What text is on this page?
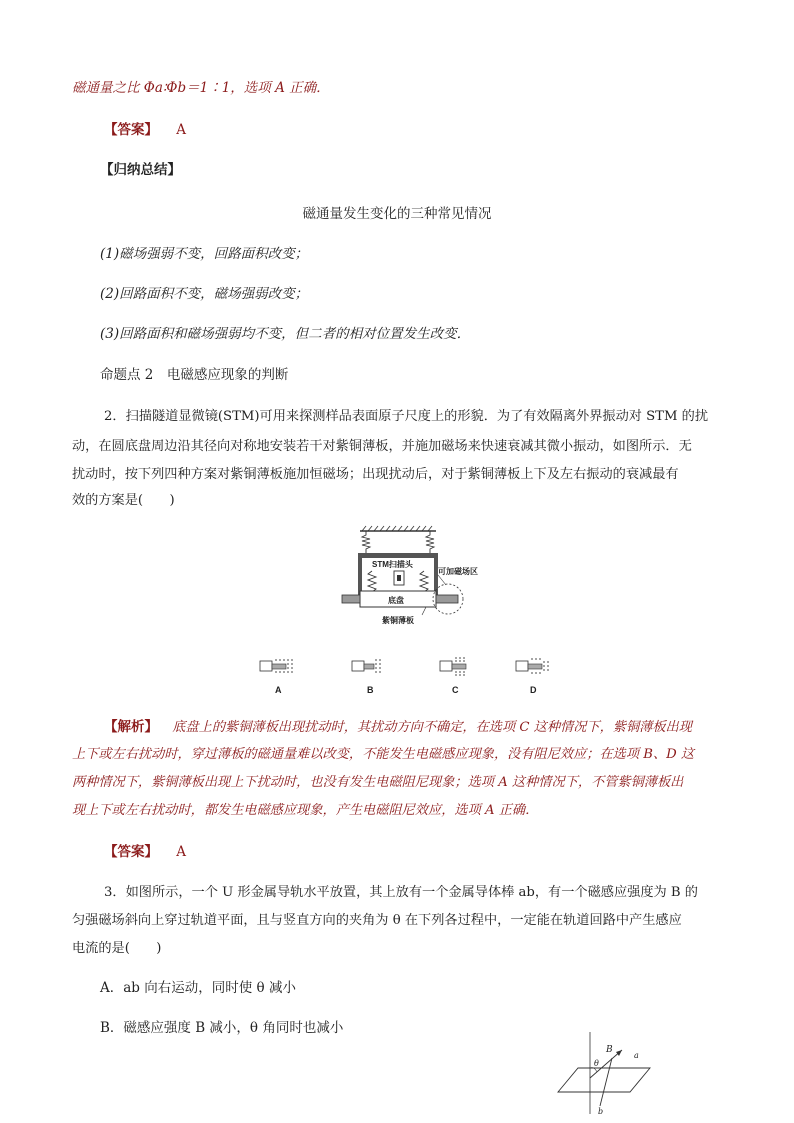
磁通量之比 Φa∶Φb＝1∶1，选项 A 正确．
【答案】 A
【归纳总结】
磁通量发生变化的三种常见情况
(1)磁场强弱不变，回路面积改变；
(2)回路面积不变，磁场强弱改变；
(3)回路面积和磁场强弱均不变，但二者的相对位置发生改变．
命题点 2　电磁感应现象的判断
2．扫描隧道显微镜(STM)可用来探测样品表面原子尺度上的形貌．为了有效隔离外界振动对 STM 的扰
动，在圆底盘周边沿其径向对称地安装若干对紫铜薄板，并施加磁场来快速衰减其微小振动，如图所示．无
扰动时，按下列四种方案对紫铜薄板施加恒磁场；出现扰动后，对于紫铜薄板上下及左右振动的衰减最有
效的方案是(　　)
STM扫描头
底盘
紫铜薄板
可加磁场区
A	B	C	D
【解析】 底盘上的紫铜薄板出现扰动时，其扰动方向不确定，在选项 C 这种情况下，紫铜薄板出现
上下或左右扰动时，穿过薄板的磁通量难以改变，不能发生电磁感应现象，没有阻尼效应；在选项 B、D 这
两种情况下，紫铜薄板出现上下扰动时，也没有发生电磁阻尼现象；选项 A 这种情况下，不管紫铜薄板出
现上下或左右扰动时，都发生电磁感应现象，产生电磁阻尼效应，选项 A 正确．
【答案】 A
3．如图所示，一个 U 形金属导轨水平放置，其上放有一个金属导体棒 ab，有一个磁感应强度为 B 的
匀强磁场斜向上穿过轨道平面，且与竖直方向的夹角为 θ 在下列各过程中，一定能在轨道回路中产生感应
电流的是(　　)
A．ab 向右运动，同时使 θ 减小
B．磁感应强度 B 减小，θ 角同时也减小
B
θ
a
b
